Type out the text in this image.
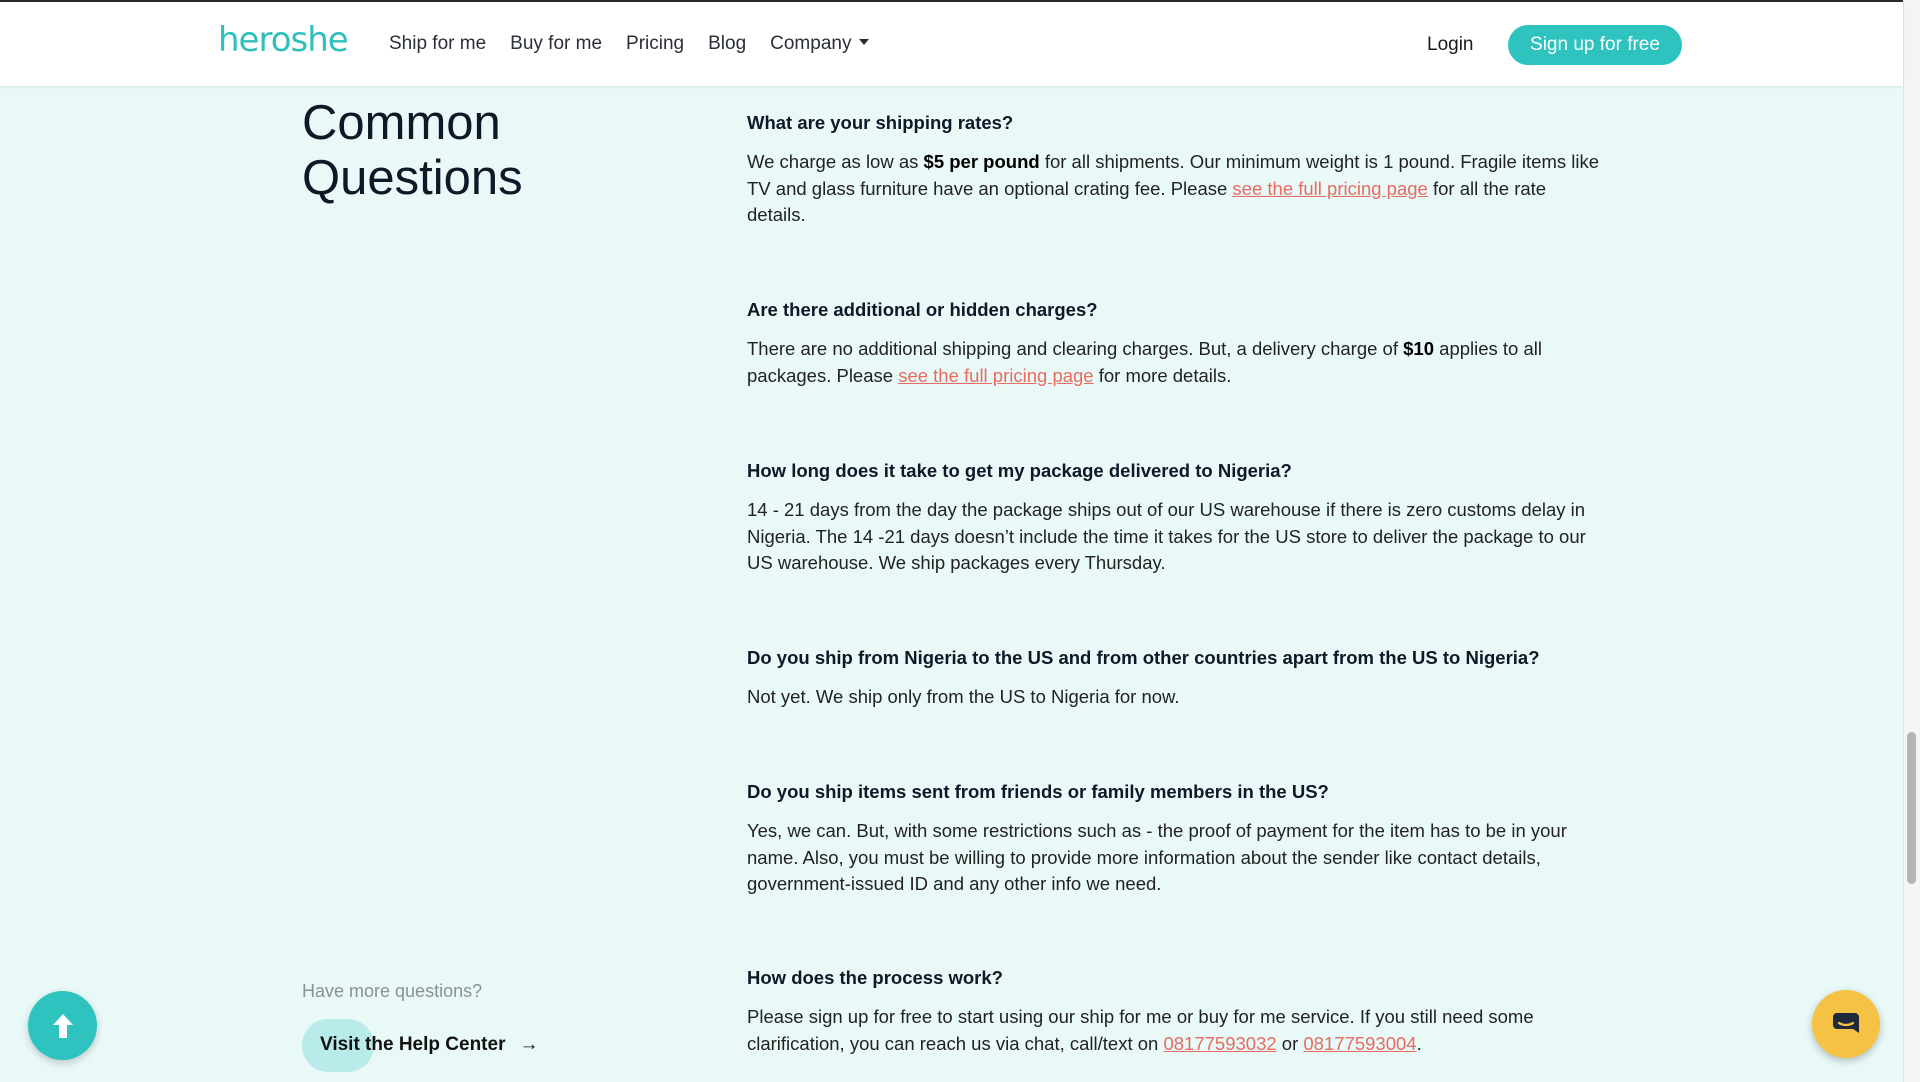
heroshe Ship for me Buy for me Pricing Blog Company	Login	Sign up for free
Common
Questions
What are your shipping rates?

We charge as low as $5 per pound for all shipments. Our minimum weight is 1 pound. Fragile items like TV and glass furniture have an optional crating fee. Please see the full pricing page for all the rate details.

Are there additional or hidden charges?

There are no additional shipping and clearing charges. But, a delivery charge of $10 applies to all packages. Please see the full pricing page for more details.

How long does it take to get my package delivered to Nigeria?

14 - 21 days from the day the package ships out of our US warehouse if there is zero customs delay in Nigeria. The 14 -21 days doesn’t include the time it takes for the US store to deliver the package to our US warehouse. We ship packages every Thursday.

Do you ship from Nigeria to the US and from other countries apart from the US to Nigeria?

Not yet. We ship only from the US to Nigeria for now.

Do you ship items sent from friends or family members in the US?

Yes, we can. But, with some restrictions such as - the proof of payment for the item has to be in your name. Also, you must be willing to provide more information about the sender like contact details, government-issued ID and any other info we need.

How does the process work?

Please sign up for free to start using our ship for me or buy for me service. If you still need some clarification, you can reach us via chat, call/text on 08177593032 or 08177593004.

Have more questions?
Visit the Help Center →
